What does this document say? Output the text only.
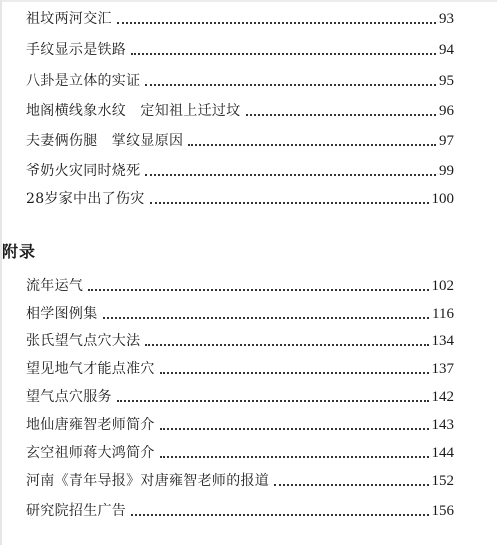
祖坟两河交汇	93
手纹显示是铁路	94
八卦是立体的实证	95
地阁横线象水纹　定知祖上迁过坟	96
夫妻俩伤腿　掌纹显原因	97
爷奶火灾同时烧死	99
28岁家中出了伤灾	100
附录
流年运气	102
相学图例集	116
张氏望气点穴大法	134
望见地气才能点准穴	137
望气点穴服务	142
地仙唐雍智老师简介	143
玄空祖师蒋大鸿简介	144
河南《青年导报》对唐雍智老师的报道	152
研究院招生广告	156
